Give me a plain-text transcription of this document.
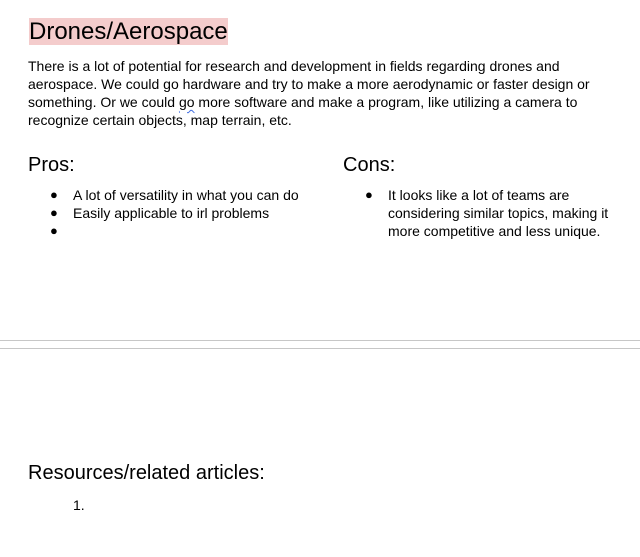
Drones/Aerospace

There is a lot of potential for research and development in fields regarding drones and aerospace. We could go hardware and try to make a more aerodynamic or faster design or something. Or we could go more software and make a program, like utilizing a camera to recognize certain objects, map terrain, etc.

Pros:
● A lot of versatility in what you can do
● Easily applicable to irl problems
●
Cons:
● It looks like a lot of teams are considering similar topics, making it more competitive and less unique.
Resources/related articles:
1.
